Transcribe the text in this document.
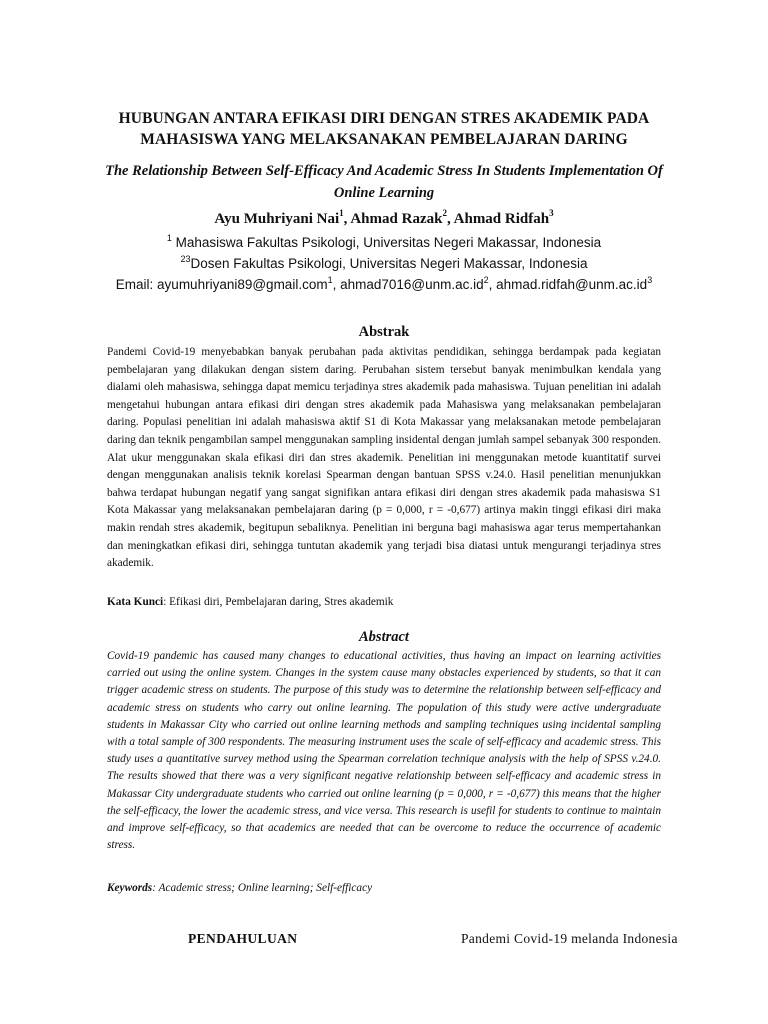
HUBUNGAN ANTARA EFIKASI DIRI DENGAN STRES AKADEMIK PADA
MAHASISWA YANG MELAKSANAKAN PEMBELAJARAN DARING
The Relationship Between Self-Efficacy And Academic Stress In Students Implementation Of Online Learning
Ayu Muhriyani Nai$^1$, Ahmad Razak$^2$, Ahmad Ridfah$^3$
$^1$ Mahasiswa Fakultas Psikologi, Universitas Negeri Makassar, Indonesia
$^{23}$Dosen Fakultas Psikologi, Universitas Negeri Makassar, Indonesia
Email: ayumuhriyani89@gmail.com$^1$, $ahmad7016@unm.ac.id^2$, $ahmad.ridfah@unm.ac.id^3$
Abstrak
Pandemi Covid-19 menyebabkan banyak perubahan pada aktivitas pendidikan, sehingga berdampak pada kegiatan pembelajaran yang dilakukan dengan sistem daring. Perubahan sistem tersebut banyak menimbulkan kendala yang dialami oleh mahasiswa, sehingga dapat memicu terjadinya stres akademik pada mahasiswa. Tujuan penelitian ini adalah mengetahui hubungan antara efikasi diri dengan stres akademik pada Mahasiswa yang melaksanakan pembelajaran daring. Populasi penelitian ini adalah mahasiswa aktif S1 di Kota Makassar yang melaksanakan metode pembelajaran daring dan teknik pengambilan sampel menggunakan sampling insidental dengan jumlah sampel sebanyak 300 responden. Alat ukur menggunakan skala efikasi diri dan stres akademik. Penelitian ini menggunakan metode kuantitatif survei dengan menggunakan analisis teknik korelasi Spearman dengan bantuan SPSS v.24.0. Hasil penelitian menunjukkan bahwa terdapat hubungan negatif yang sangat signifikan antara efikasi diri dengan stres akademik pada mahasiswa S1 Kota Makassar yang melaksanakan pembelajaran daring (p = 0,000, r = -0,677) artinya makin tinggi efikasi diri maka makin rendah stres akademik, begitupun sebaliknya. Penelitian ini berguna bagi mahasiswa agar terus mempertahankan dan meningkatkan efikasi diri, sehingga tuntutan akademik yang terjadi bisa diatasi untuk mengurangi terjadinya stres akademik.
Kata Kunci: Efikasi diri, Pembelajaran daring, Stres akademik
Abstract
Covid-19 pandemic has caused many changes to educational activities, thus having an impact on learning activities carried out using the online system. Changes in the system cause many obstacles experienced by students, so that it can trigger academic stress on students. The purpose of this study was to determine the relationship between self-efficacy and academic stress on students who carry out online learning. The population of this study were active undergraduate students in Makassar City who carried out online learning methods and sampling techniques using incidental sampling with a total sample of 300 respondents. The measuring instrument uses the scale of self-efficacy and academic stress. This study uses a quantitative survey method using the Spearman correlation technique analysis with the help of SPSS v.24.0. The results showed that there was a very significant negative relationship between self-efficacy and academic stress in Makassar City undergraduate students who carried out online learning (p = 0,000, r = -0,677) this means that the higher the self-efficacy, the lower the academic stress, and vice versa. This research is usefil for students to continue to maintain and improve self-efficacy, so that academics are needed that can be overcome to reduce the occurrence of academic stress.
Keywords: Academic stress; Online learning; Self-efficacy
PENDAHULUAN	Pandemi Covid-19 melanda Indonesia
